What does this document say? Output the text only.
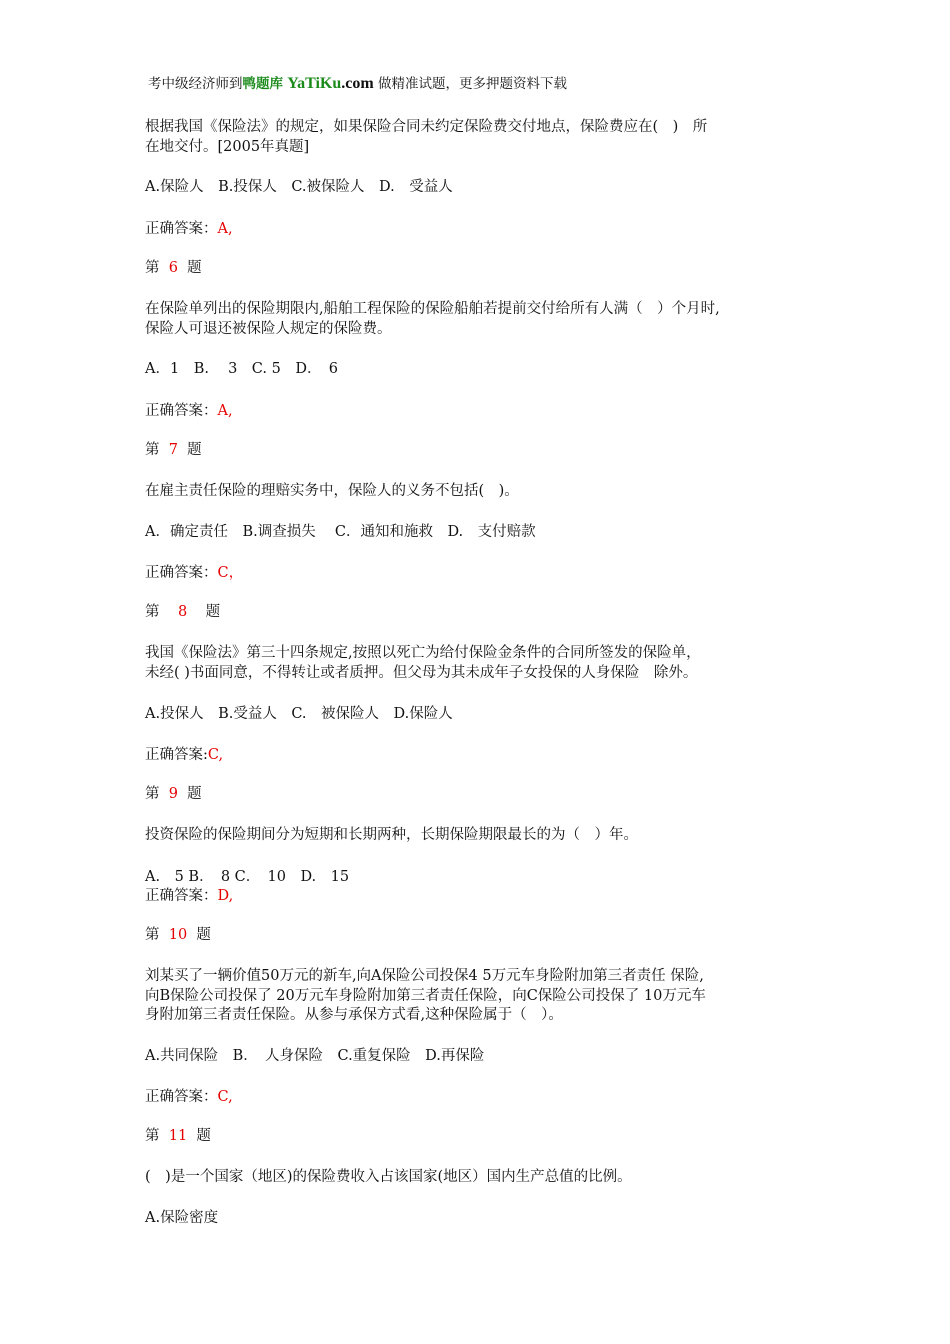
考中级经济师到鸭题库 YaTiKu.com 做精准试题，更多押题资料下载
根据我国《保险法》的规定，如果保险合同未约定保险费交付地点，保险费应在(　)　所
在地交付。[2005年真题]
A.保险人　B.投保人　C.被保险人　D.　受益人
正确答案：A,
第 6 题
在保险单列出的保险期限内,船舶工程保险的保险船舶若提前交付给所有人满（　）个月时,
保险人可退还被保险人规定的保险费。
A．1　B.　 3　C. 5　D．　6
正确答案：A,
第 7 题
在雇主责任保险的理赔实务中，保险人的义务不包括(　)。
A．确定责任　B.调查损失　 C．通知和施救　D.　支付赔款
正确答案：C，
第 8 题
我国《保险法》第三十四条规定,按照以死亡为给付保险金条件的合同所签发的保险单，
未经( )书面同意，不得转让或者质押。但父母为其未成年子女投保的人身保险　除外。
A.投保人　B.受益人　C.　被保险人　D.保险人
正确答案:C,
第 9 题
投资保险的保险期间分为短期和长期两种，长期保险期限最长的为（　）年。
A.　5 B．　8 C．　10　D.　15
正确答案：D,
第 10 题
刘某买了一辆价值50万元的新车,向A保险公司投保4 5万元车身险附加第三者责任 保险,
向B保险公司投保了 20万元车身险附加第三者责任保险，向C保险公司投保了 10万元车
身附加第三者责任保险。从参与承保方式看,这种保险属于（　）。
A.共同保险　B．　人身保险　C.重复保险　D.再保险
正确答案：C,
第 11 题
(　)是一个国家（地区)的保险费收入占该国家(地区）国内生产总值的比例。
A.保险密度
